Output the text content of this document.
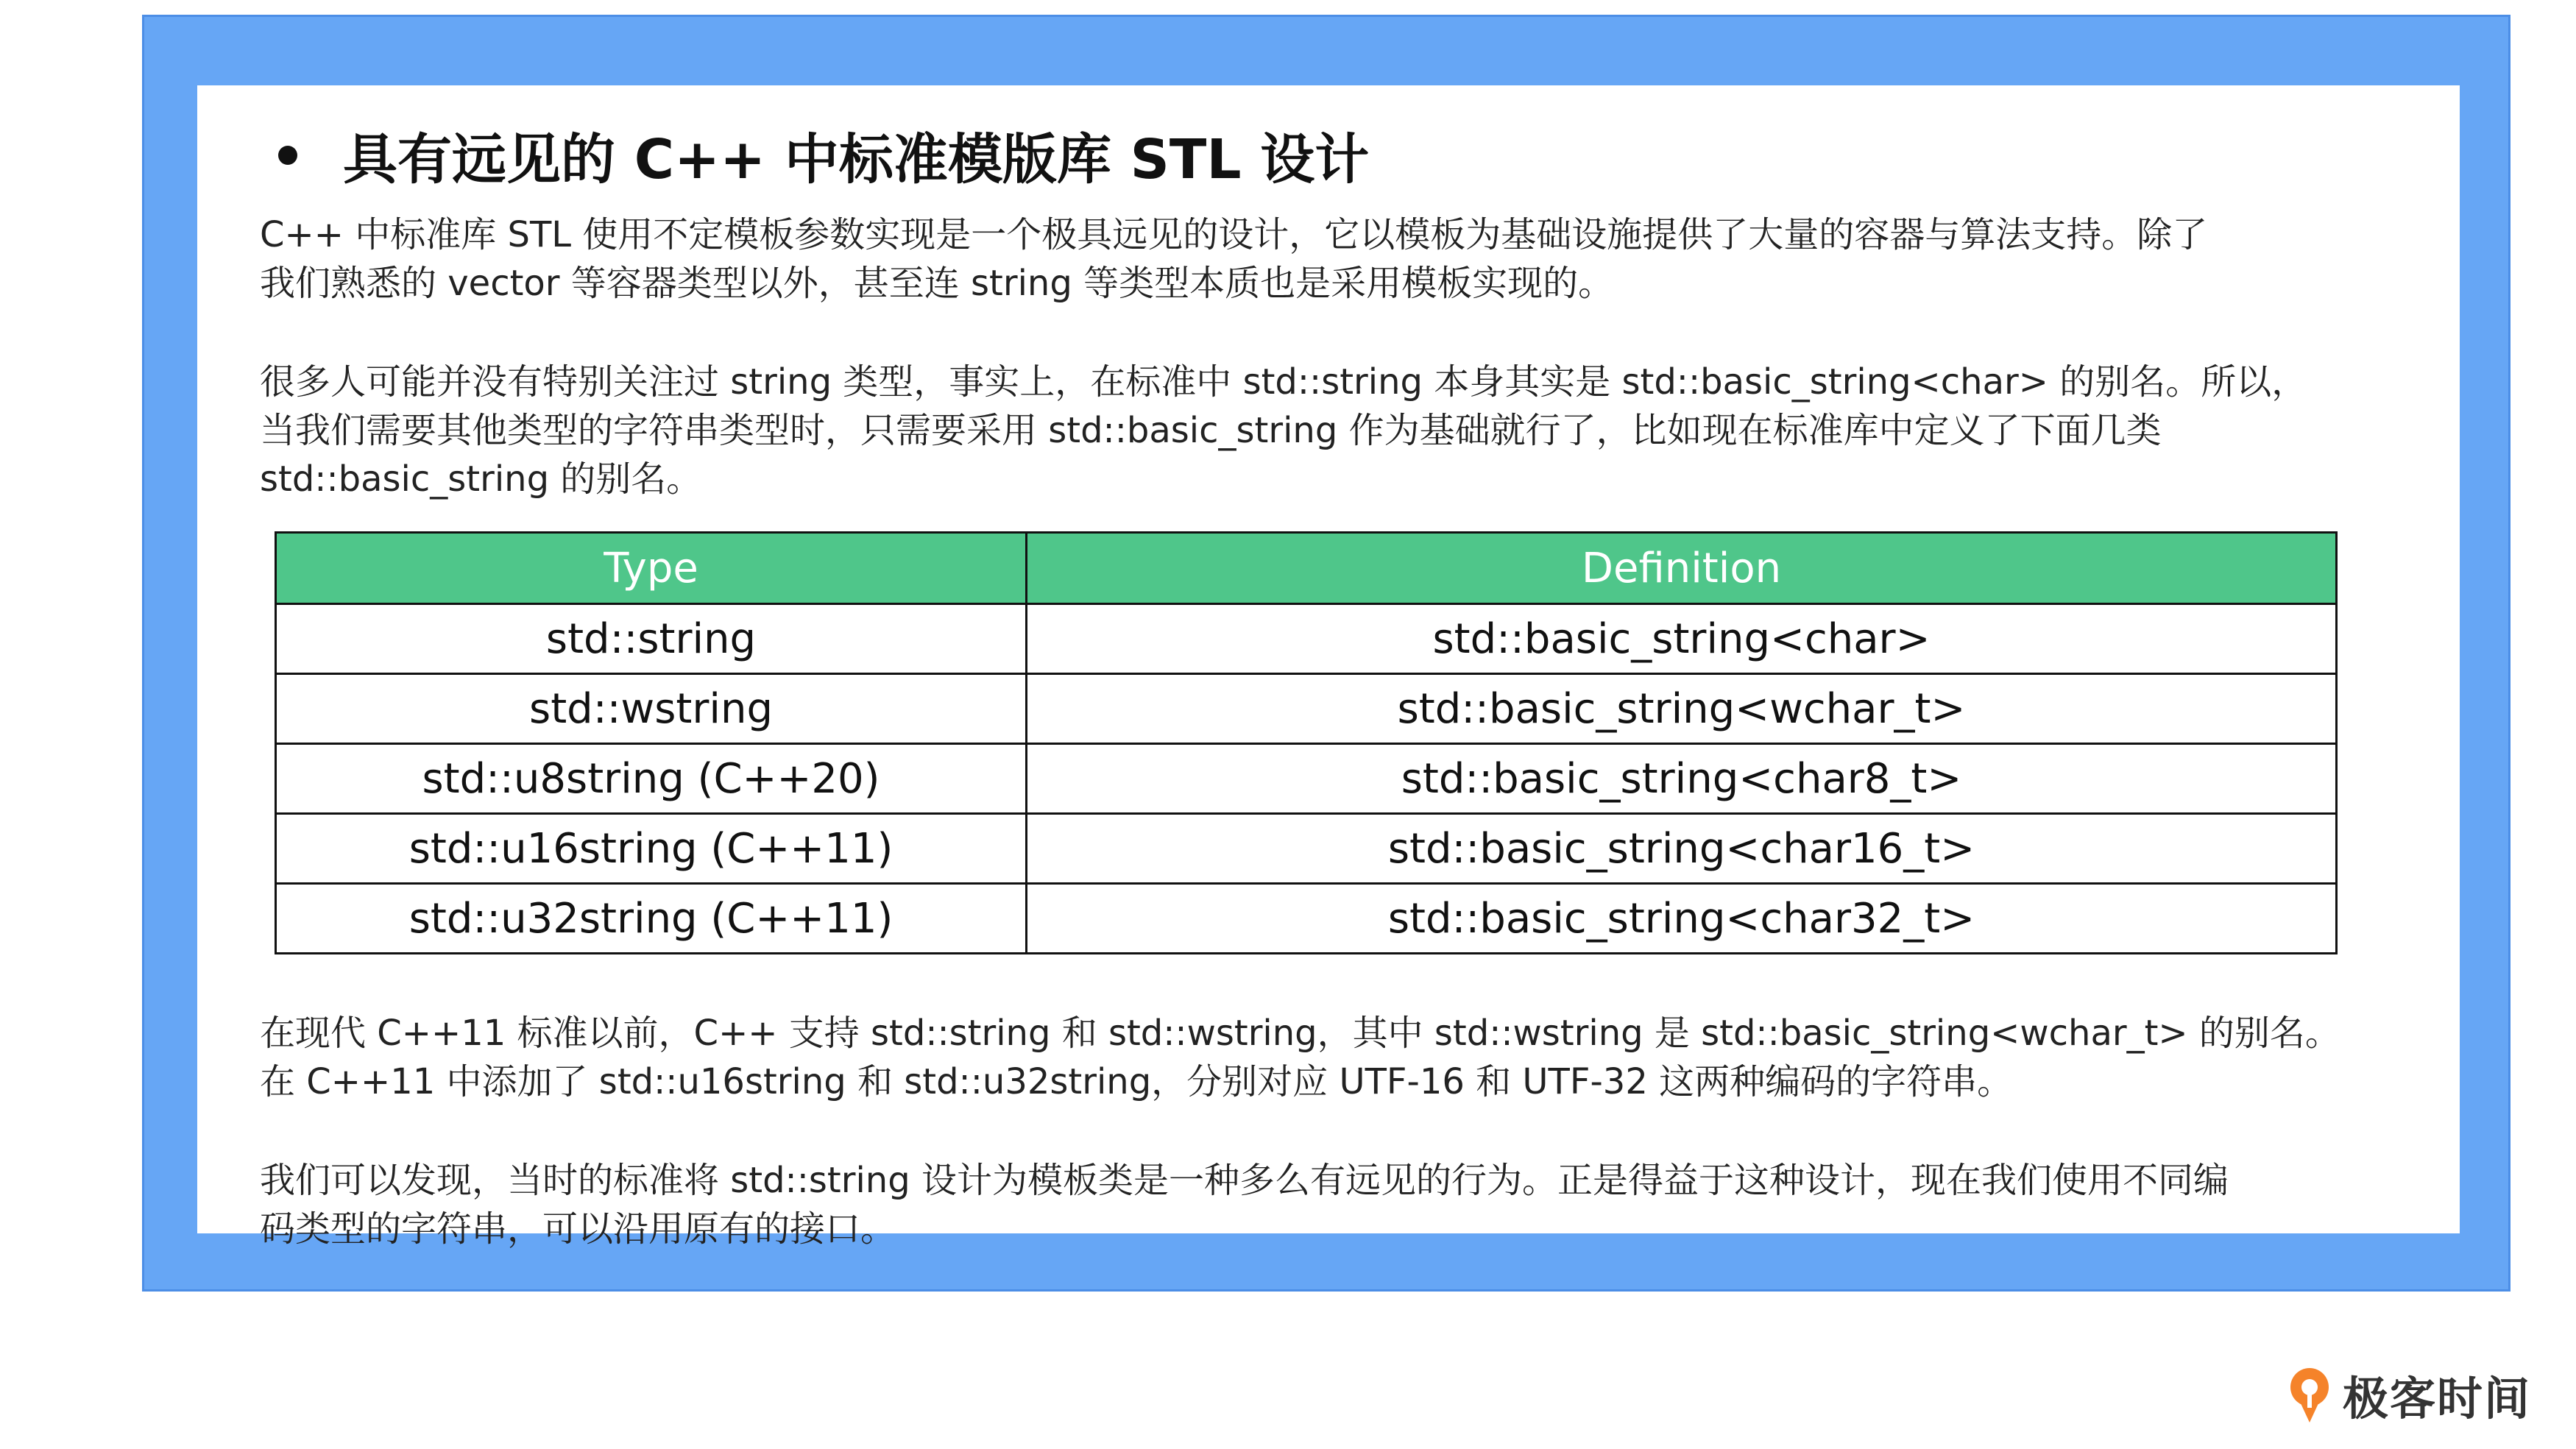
具有远见的 C++ 中标准模版库 STL 设计
C++ 中标准库 STL 使用不定模板参数实现是一个极具远见的设计，它以模板为基础设施提供了大量的容器与算法支持。除了
我们熟悉的 vector 等容器类型以外，甚至连 string 等类型本质也是采用模板实现的。
很多人可能并没有特别关注过 string 类型，事实上，在标准中 std::string 本身其实是 std::basic_string<char> 的别名。所以，
当我们需要其他类型的字符串类型时，只需要采用 std::basic_string 作为基础就行了，比如现在标准库中定义了下面几类
std::basic_string 的别名。
Type	Definition
std::string	std::basic_string<char>
std::wstring	std::basic_string<wchar_t>
std::u8string (C++20)	std::basic_string<char8_t>
std::u16string (C++11)	std::basic_string<char16_t>
std::u32string (C++11)	std::basic_string<char32_t>
在现代 C++11 标准以前，C++ 支持 std::string 和 std::wstring，其中 std::wstring 是 std::basic_string<wchar_t> 的别名。
在 C++11 中添加了 std::u16string 和 std::u32string，分别对应 UTF-16 和 UTF-32 这两种编码的字符串。
我们可以发现，当时的标准将 std::string 设计为模板类是一种多么有远见的行为。正是得益于这种设计，现在我们使用不同编
码类型的字符串，可以沿用原有的接口。
极客时间
